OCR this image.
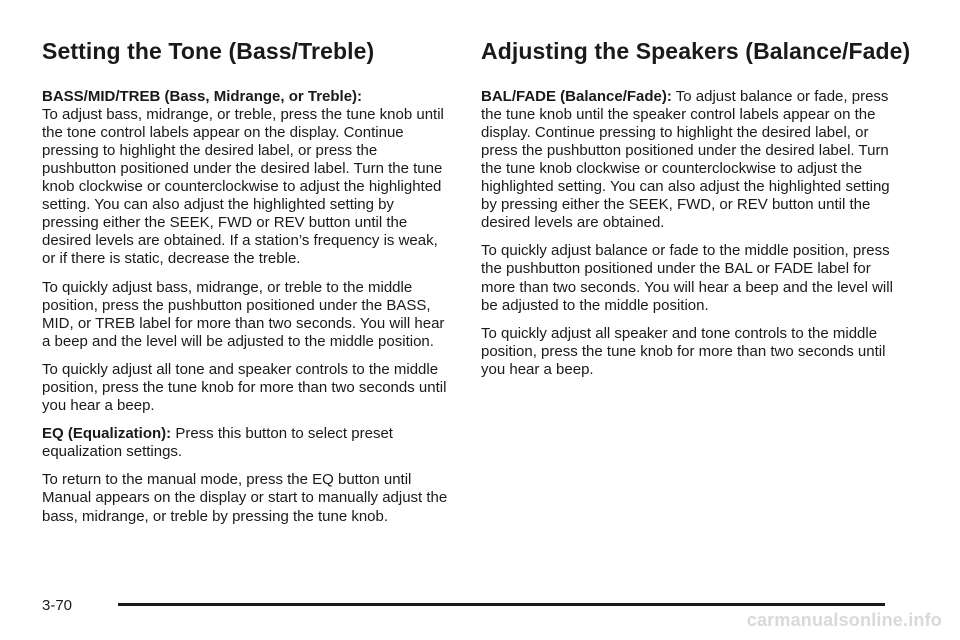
Setting the Tone (Bass/Treble)

BASS/MID/TREB (Bass, Midrange, or Treble):
To adjust bass, midrange, or treble, press the tune knob until the tone control labels appear on the display. Continue pressing to highlight the desired label, or press the pushbutton positioned under the desired label. Turn the tune knob clockwise or counterclockwise to adjust the highlighted setting. You can also adjust the highlighted setting by pressing either the SEEK, FWD or REV button until the desired levels are obtained. If a station’s frequency is weak, or if there is static, decrease the treble.

To quickly adjust bass, midrange, or treble to the middle position, press the pushbutton positioned under the BASS, MID, or TREB label for more than two seconds. You will hear a beep and the level will be adjusted to the middle position.

To quickly adjust all tone and speaker controls to the middle position, press the tune knob for more than two seconds until you hear a beep.

EQ (Equalization): Press this button to select preset equalization settings.

To return to the manual mode, press the EQ button until Manual appears on the display or start to manually adjust the bass, midrange, or treble by pressing the tune knob.

Adjusting the Speakers (Balance/Fade)

BAL/FADE (Balance/Fade): To adjust balance or fade, press the tune knob until the speaker control labels appear on the display. Continue pressing to highlight the desired label, or press the pushbutton positioned under the desired label. Turn the tune knob clockwise or counterclockwise to adjust the highlighted setting. You can also adjust the highlighted setting by pressing either the SEEK, FWD, or REV button until the desired levels are obtained.

To quickly adjust balance or fade to the middle position, press the pushbutton positioned under the BAL or FADE label for more than two seconds. You will hear a beep and the level will be adjusted to the middle position.

To quickly adjust all speaker and tone controls to the middle position, press the tune knob for more than two seconds until you hear a beep.

3-70
carmanualsonline.info
